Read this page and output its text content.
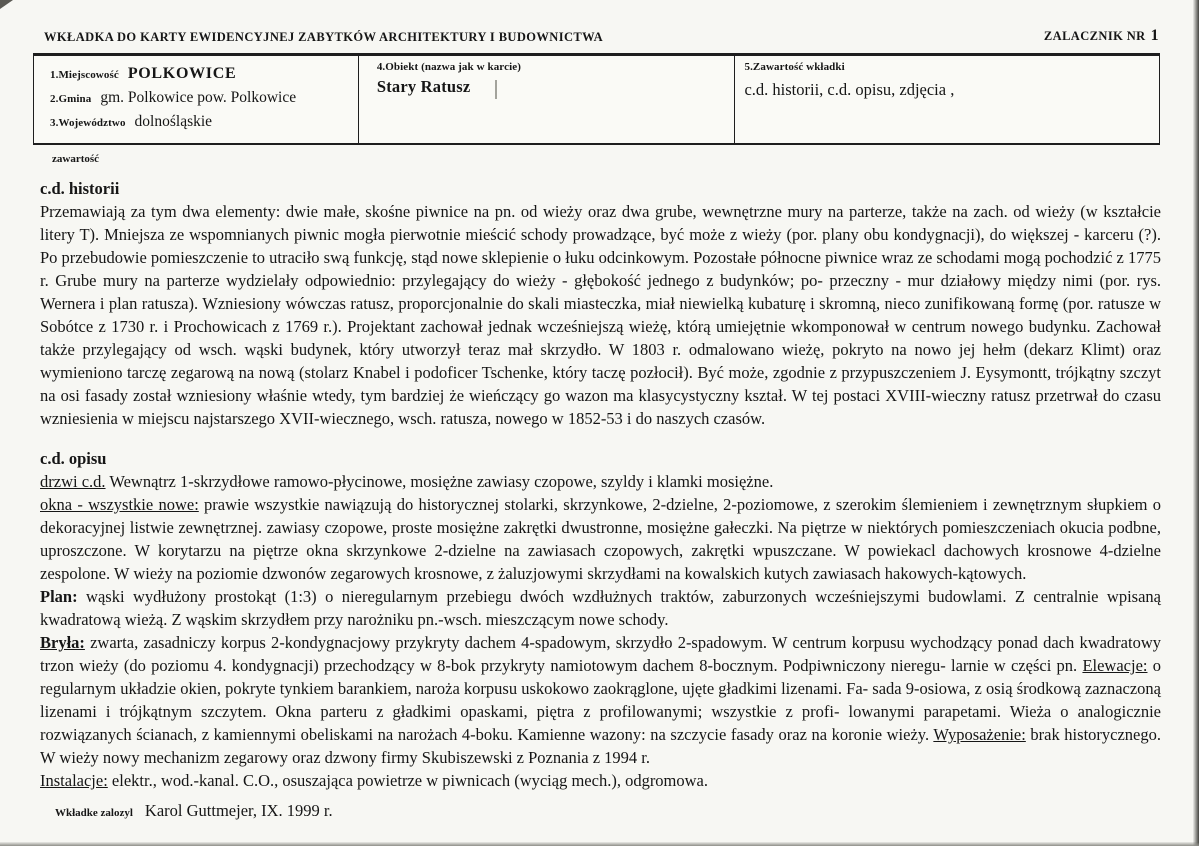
WKŁADKA DO KARTY EWIDENCYJNEJ ZABYTKÓW ARCHITEKTURY I BUDOWNICTWA	ZALACZNIK NR 1
1.Miejscowość POLKOWICE
2.Gmina gm. Polkowice pow. Polkowice
3.Województwo dolnośląskie

4.Obiekt (nazwa jak w karcie)
Stary Ratusz

5.Zawartość wkładki
c.d. historii, c.d. opisu, zdjęcia ,
zawartość

c.d. historii

Przemawiają za tym dwa elementy: dwie małe, skośne piwnice na pn. od wieży oraz dwa grube, wewnętrzne mury na parterze, także na zach. od wieży (w kształcie litery T). Mniejsza ze wspomnianych piwnic mogła pierwotnie mieścić schody prowadzące, być może z wieży (por. plany obu kondygnacji), do większej - karceru (?). Po przebudowie pomieszczenie to utraciło swą funkcję, stąd nowe sklepienie o łuku odcinkowym. Pozostałe północne piwnice wraz ze schodami mogą pochodzić z 1775 r. Grube mury na parterze wydzielały odpowiednio: przylegający do wieży - głębokość jednego z budynków; po- przeczny - mur działowy między nimi (por. rys. Wernera i plan ratusza). Wzniesiony wówczas ratusz, proporcjonalnie do skali miasteczka, miał niewielką kubaturę i skromną, nieco zunifikowaną formę (por. ratusze w Sobótce z 1730 r. i Prochowicach z 1769 r.). Projektant zachował jednak wcześniejszą wieżę, którą umiejętnie wkomponował w centrum nowego budynku. Zachował także przylegający od wsch. wąski budynek, który utworzył teraz mał skrzydło. W 1803 r. odmalowano wieżę, pokryto na nowo jej hełm (dekarz Klimt) oraz wymieniono tarczę zegarową na nową (stolarz Knabel i podoficer Tschenke, który taczę pozłocił). Być może, zgodnie z przypuszczeniem J. Eysymontt, trójkątny szczyt na osi fasady został wzniesiony właśnie wtedy, tym bardziej że wieńczący go wazon ma klasycystyczny kształ. W tej postaci XVIII-wieczny ratusz przetrwał do czasu wzniesienia w miejscu najstarszego XVII-wiecznego, wsch. ratusza, nowego w 1852-53 i do naszych czasów.

c.d. opisu

drzwi c.d. Wewnątrz 1-skrzydłowe ramowo-płycinowe, mosiężne zawiasy czopowe, szyldy i klamki mosiężne.

okna - wszystkie nowe: prawie wszystkie nawiązują do historycznej stolarki, skrzynkowe, 2-dzielne, 2-poziomowe, z szerokim ślemieniem i zewnętrznym słupkiem o dekoracyjnej listwie zewnętrznej. zawiasy czopowe, proste mosiężne zakrętki dwustronne, mosiężne gałeczki. Na piętrze w niektórych pomieszczeniach okucia podbne, uproszczone. W korytarzu na piętrze okna skrzynkowe 2-dzielne na zawiasach czopowych, zakrętki wpuszczane. W powiekacl dachowych krosnowe 4-dzielne zespolone. W wieży na poziomie dzwonów zegarowych krosnowe, z żaluzjowymi skrzydłami na kowalskich kutych zawiasach hakowych-kątowych.

Plan: wąski wydłużony prostokąt (1:3) o nieregularnym przebiegu dwóch wzdłużnych traktów, zaburzonych wcześniejszymi budowlami. Z centralnie wpisaną kwadratową wieżą. Z wąskim skrzydłem przy narożniku pn.-wsch. mieszczącym nowe schody.

Bryła: zwarta, zasadniczy korpus 2-kondygnacjowy przykryty dachem 4-spadowym, skrzydło 2-spadowym. W centrum korpusu wychodzący ponad dach kwadratowy trzon wieży (do poziomu 4. kondygnacji) przechodzący w 8-bok przykryty namiotowym dachem 8-bocznym. Podpiwniczony nieregu- larnie w części pn. Elewacje: o regularnym układzie okien, pokryte tynkiem barankiem, naroża korpusu uskokowo zaokrąglone, ujęte gładkimi lizenami. Fa- sada 9-osiowa, z osią środkową zaznaczoną lizenami i trójkątnym szczytem. Okna parteru z gładkimi opaskami, piętra z profilowanymi; wszystkie z profi- lowanymi parapetami. Wieża o analogicznie rozwiązanych ścianach, z kamiennymi obeliskami na narożach 4-boku. Kamienne wazony: na szczycie fasady oraz na koronie wieży. Wyposażenie: brak historycznego. W wieży nowy mechanizm zegarowy oraz dzwony firmy Skubiszewski z Poznania z 1994 r.

Instalacje: elektr., wod.-kanal. C.O., osuszająca powietrze w piwnicach (wyciąg mech.), odgromowa.

Wkładke zalozyl Karol Guttmejer, IX. 1999 r.
